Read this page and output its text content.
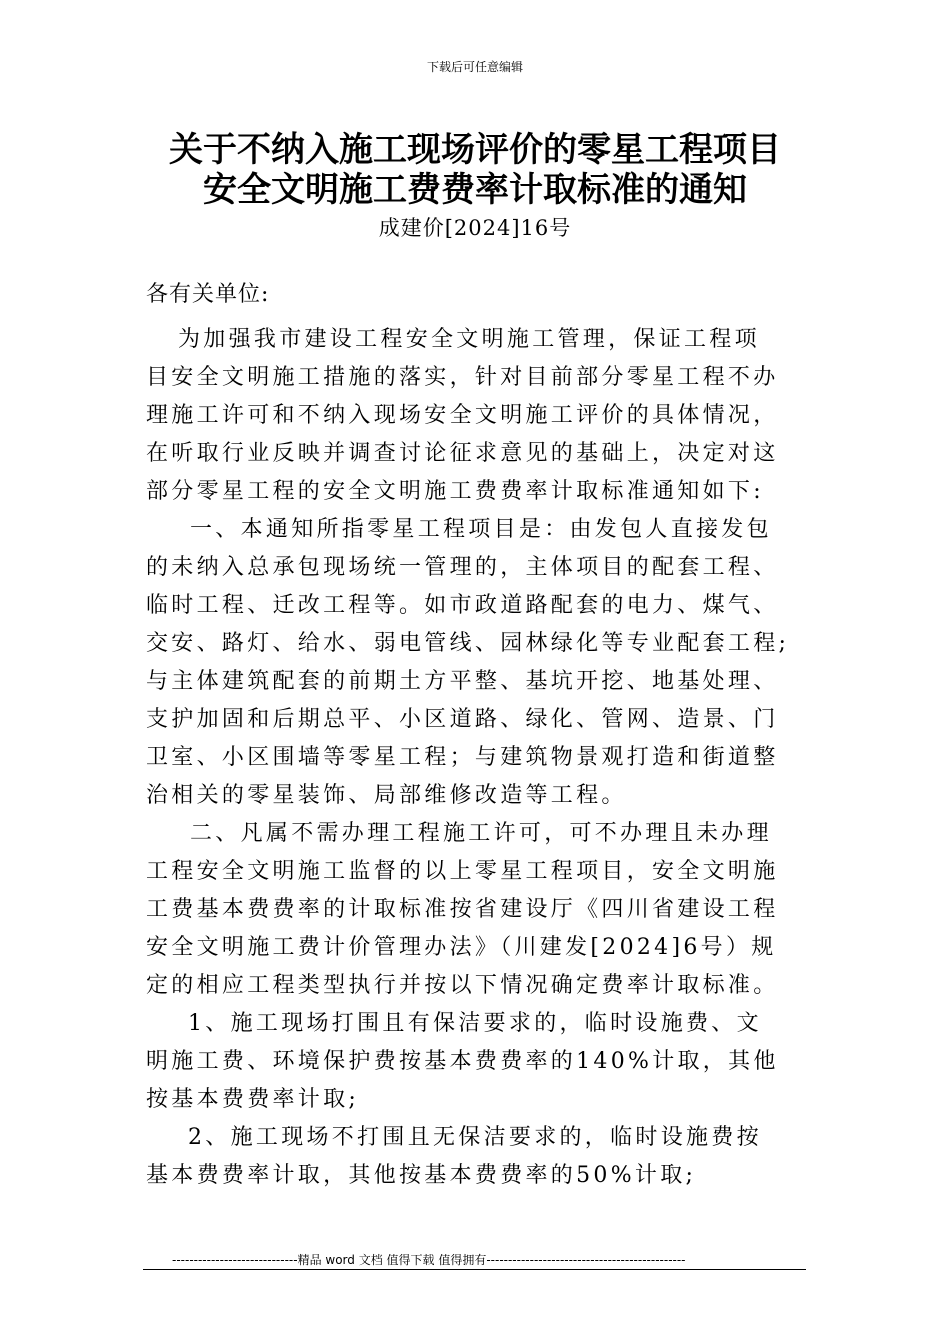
下载后可任意编辑
关于不纳入施工现场评价的零星工程项目
安全文明施工费费率计取标准的通知
成建价[2024]16号
各有关单位:
为加强我市建设工程安全文明施工管理，保证工程项
目安全文明施工措施的落实，针对目前部分零星工程不办
理施工许可和不纳入现场安全文明施工评价的具体情况，
在听取行业反映并调查讨论征求意见的基础上，决定对这
部分零星工程的安全文明施工费费率计取标准通知如下:
一、本通知所指零星工程项目是：由发包人直接发包
的未纳入总承包现场统一管理的，主体项目的配套工程、
临时工程、迁改工程等。如市政道路配套的电力、煤气、
交安、路灯、给水、弱电管线、园林绿化等专业配套工程;
与主体建筑配套的前期土方平整、基坑开挖、地基处理、
支护加固和后期总平、小区道路、绿化、管网、造景、门
卫室、小区围墙等零星工程；与建筑物景观打造和街道整
治相关的零星装饰、局部维修改造等工程。
二、凡属不需办理工程施工许可，可不办理且未办理
工程安全文明施工监督的以上零星工程项目，安全文明施
工费基本费费率的计取标准按省建设厅《四川省建设工程
安全文明施工费计价管理办法》（川建发[2024]6号）规
定的相应工程类型执行并按以下情况确定费率计取标准。
1、施工现场打围且有保洁要求的，临时设施费、文
明施工费、环境保护费按基本费费率的140%计取，其他
按基本费费率计取;
2、施工现场不打围且无保洁要求的，临时设施费按
基本费费率计取，其他按基本费费率的50%计取;
-----------------------------精品 word 文档 值得下载 值得拥有----------------------------------------------
